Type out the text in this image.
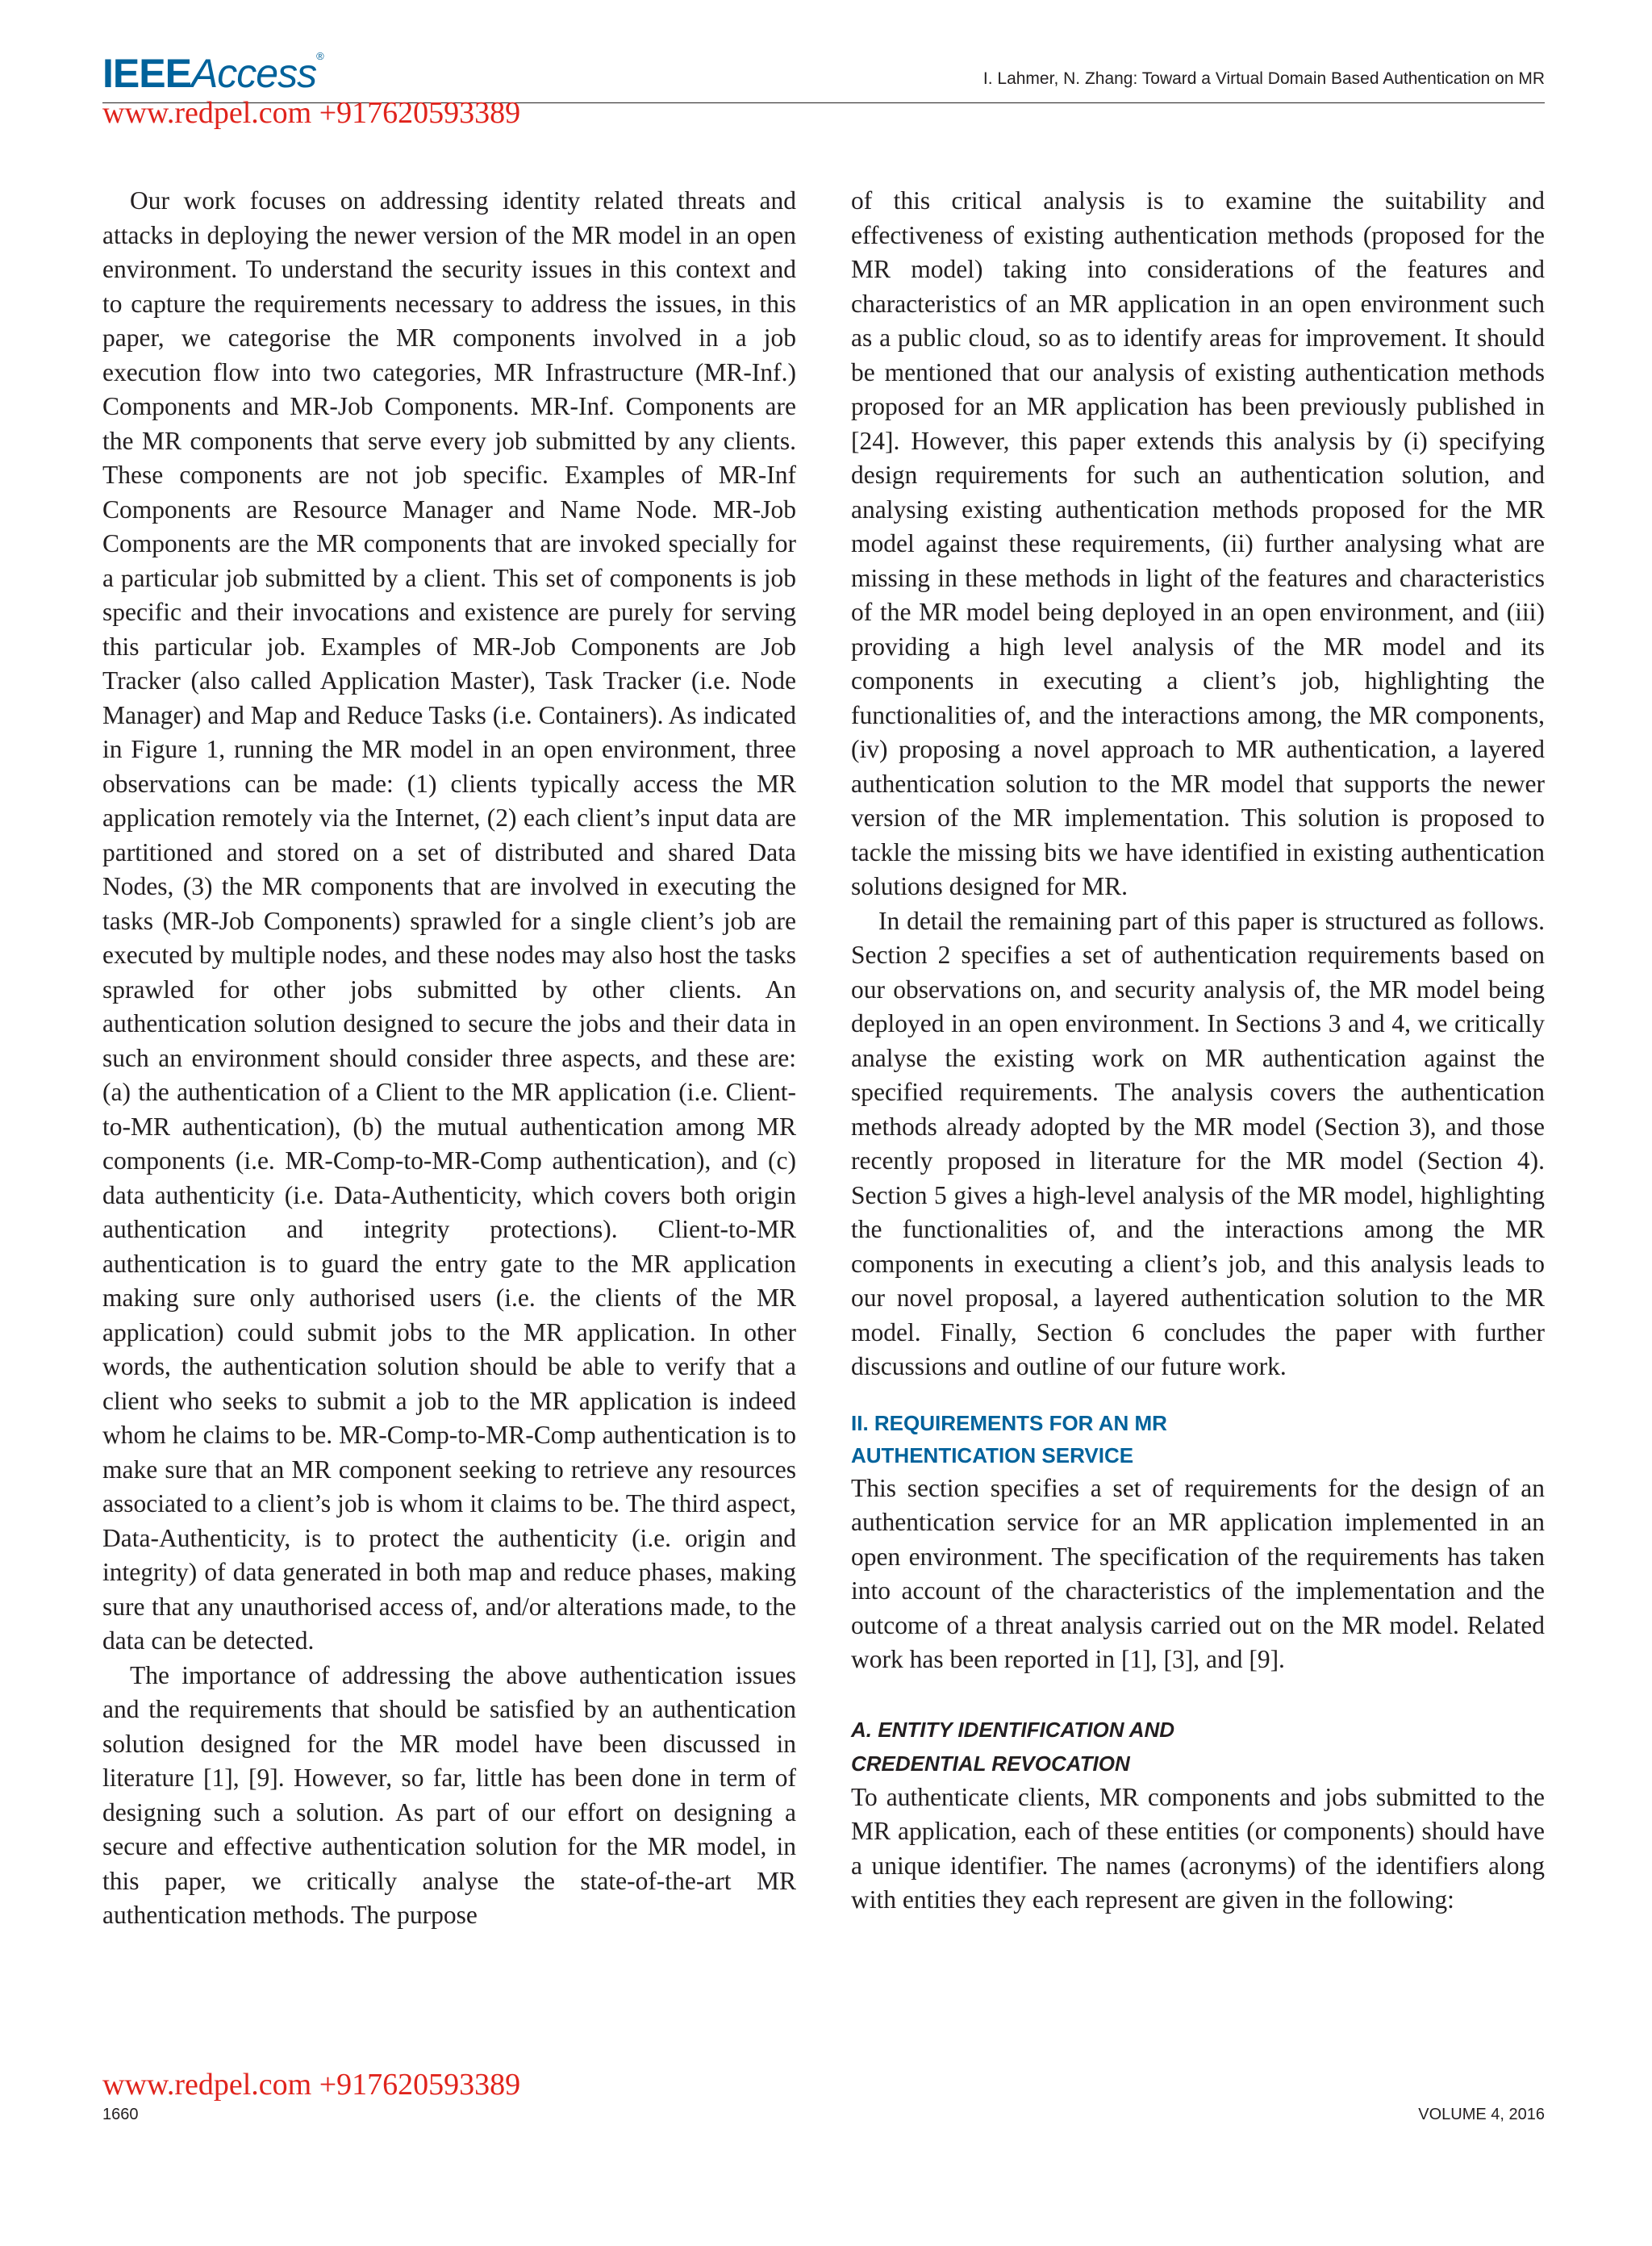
IEEEAccess®
I. Lahmer, N. Zhang: Toward a Virtual Domain Based Authentication on MR
www.redpel.com +917620593389

Our work focuses on addressing identity related threats and attacks in deploying the newer version of the MR model in an open environment. To understand the security issues in this context and to capture the requirements necessary to address the issues, in this paper, we categorise the MR components involved in a job execution flow into two categories, MR Infrastructure (MR-Inf.) Components and MR-Job Components. MR-Inf. Components are the MR components that serve every job submitted by any clients. These components are not job specific. Examples of MR-Inf Components are Resource Manager and Name Node. MR-Job Components are the MR components that are invoked specially for a particular job submitted by a client. This set of components is job specific and their invocations and existence are purely for serving this particular job. Examples of MR-Job Components are Job Tracker (also called Application Master), Task Tracker (i.e. Node Manager) and Map and Reduce Tasks (i.e. Containers). As indicated in Figure 1, running the MR model in an open environment, three observations can be made: (1) clients typically access the MR application remotely via the Internet, (2) each client’s input data are partitioned and stored on a set of distributed and shared Data Nodes, (3) the MR components that are involved in executing the tasks (MR-Job Components) sprawled for a single client’s job are executed by multiple nodes, and these nodes may also host the tasks sprawled for other jobs submitted by other clients. An authentication solution designed to secure the jobs and their data in such an environment should consider three aspects, and these are: (a) the authentication of a Client to the MR application (i.e. Client-to-MR authentication), (b) the mutual authentication among MR components (i.e. MR-Comp-to-MR-Comp authentication), and (c) data authenticity (i.e. Data-Authenticity, which covers both origin authentication and integrity protections). Client-to-MR authentication is to guard the entry gate to the MR application making sure only authorised users (i.e. the clients of the MR application) could submit jobs to the MR application. In other words, the authentication solution should be able to verify that a client who seeks to submit a job to the MR application is indeed whom he claims to be. MR-Comp-to-MR-Comp authentication is to make sure that an MR component seeking to retrieve any resources associated to a client’s job is whom it claims to be. The third aspect, Data-Authenticity, is to protect the authenticity (i.e. origin and integrity) of data generated in both map and reduce phases, making sure that any unauthorised access of, and/or alterations made, to the data can be detected.

The importance of addressing the above authentication issues and the requirements that should be satisfied by an authentication solution designed for the MR model have been discussed in literature [1], [9]. However, so far, little has been done in term of designing such a solution. As part of our effort on designing a secure and effective authentication solution for the MR model, in this paper, we critically analyse the state-of-the-art MR authentication methods. The purpose

of this critical analysis is to examine the suitability and effectiveness of existing authentication methods (proposed for the MR model) taking into considerations of the features and characteristics of an MR application in an open environment such as a public cloud, so as to identify areas for improvement. It should be mentioned that our analysis of existing authentication methods proposed for an MR application has been previously published in [24]. However, this paper extends this analysis by (i) specifying design requirements for such an authentication solution, and analysing existing authentication methods proposed for the MR model against these requirements, (ii) further analysing what are missing in these methods in light of the features and characteristics of the MR model being deployed in an open environment, and (iii) providing a high level analysis of the MR model and its components in executing a client’s job, highlighting the functionalities of, and the interactions among, the MR components, (iv) proposing a novel approach to MR authentication, a layered authentication solution to the MR model that supports the newer version of the MR implementation. This solution is proposed to tackle the missing bits we have identified in existing authentication solutions designed for MR.

In detail the remaining part of this paper is structured as follows. Section 2 specifies a set of authentication requirements based on our observations on, and security analysis of, the MR model being deployed in an open environment. In Sections 3 and 4, we critically analyse the existing work on MR authentication against the specified requirements. The analysis covers the authentication methods already adopted by the MR model (Section 3), and those recently proposed in literature for the MR model (Section 4). Section 5 gives a high-level analysis of the MR model, highlighting the functionalities of, and the interactions among the MR components in executing a client’s job, and this analysis leads to our novel proposal, a layered authentication solution to the MR model. Finally, Section 6 concludes the paper with further discussions and outline of our future work.

II. REQUIREMENTS FOR AN MR
AUTHENTICATION SERVICE

This section specifies a set of requirements for the design of an authentication service for an MR application implemented in an open environment. The specification of the requirements has taken into account of the characteristics of the implementation and the outcome of a threat analysis carried out on the MR model. Related work has been reported in [1], [3], and [9].

A. ENTITY IDENTIFICATION AND
CREDENTIAL REVOCATION

To authenticate clients, MR components and jobs submitted to the MR application, each of these entities (or components) should have a unique identifier. The names (acronyms) of the identifiers along with entities they each represent are given in the following:

www.redpel.com +917620593389
1660	VOLUME 4, 2016
